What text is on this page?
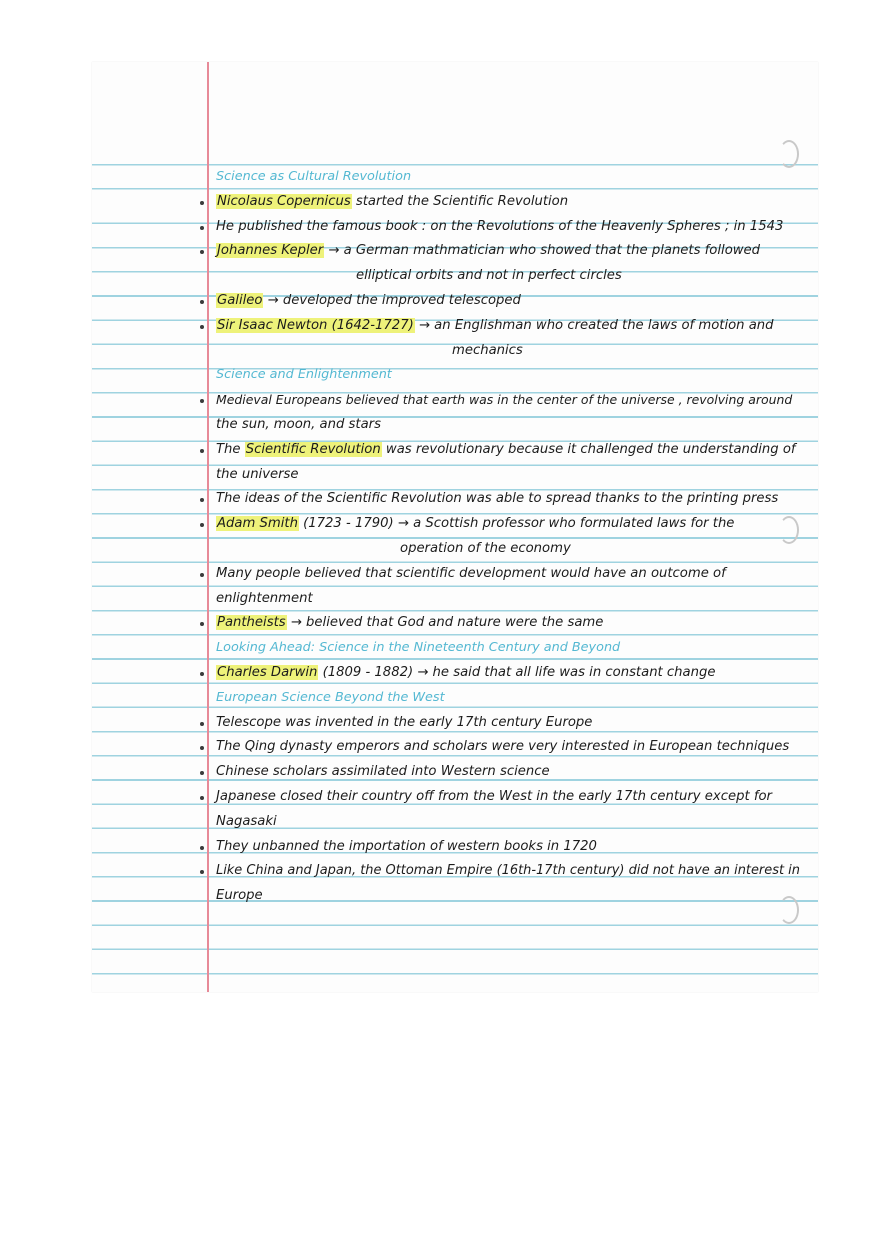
Science as Cultural Revolution
Nicolaus Copernicus started the Scientific Revolution
He published the famous book : on the Revolutions of the Heavenly Spheres ; in 1543
Johannes Kepler → a German mathmatician who showed that the planets followed
elliptical orbits and not in perfect circles
Galileo → developed the improved telescoped
Sir Isaac Newton (1642-1727) → an Englishman who created the laws of motion and
mechanics
Science and Enlightenment
Medieval Europeans believed that earth was in the center of the universe , revolving around
the sun, moon, and stars
The Scientific Revolution was revolutionary because it challenged the understanding of
the universe
The ideas of the Scientific Revolution was able to spread thanks to the printing press
Adam Smith (1723 - 1790) → a Scottish professor who formulated laws for the
operation of the economy
Many people believed that scientific development would have an outcome of
enlightenment
Pantheists → believed that God and nature were the same
Looking Ahead: Science in the Nineteenth Century and Beyond
Charles Darwin (1809 - 1882) → he said that all life was in constant change
European Science Beyond the West
Telescope was invented in the early 17th century Europe
The Qing dynasty emperors and scholars were very interested in European techniques
Chinese scholars assimilated into Western science
Japanese closed their country off from the West in the early 17th century except for
Nagasaki
They unbanned the importation of western books in 1720
Like China and Japan, the Ottoman Empire (16th-17th century) did not have an interest in
Europe
